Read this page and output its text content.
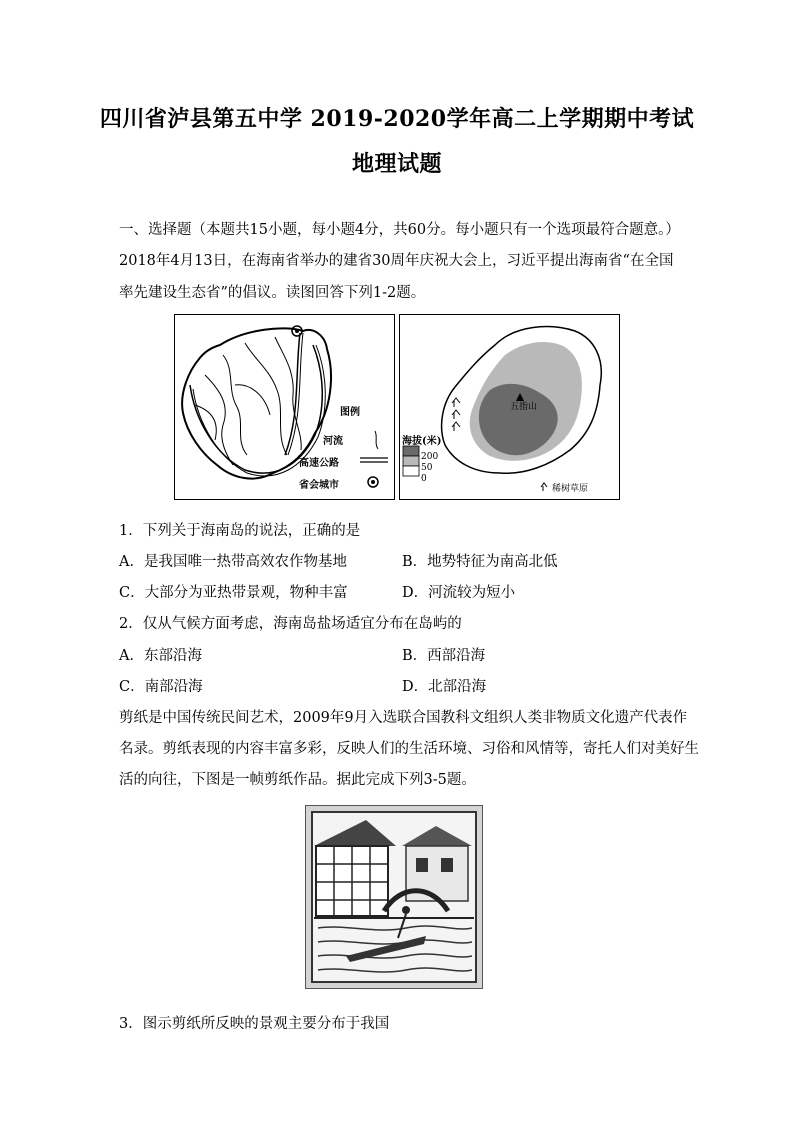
四川省泸县第五中学 2019-2020学年高二上学期期中考试
地理试题
一、选择题（本题共15小题，每小题4分，共60分。每小题只有一个选项最符合题意。）
2018年4月13日，在海南省举办的建省30周年庆祝大会上，习近平提出海南省“在全国
率先建设生态省”的倡议。读图回答下列1-2题。
图例
河流
高速公路
省会城市
五指山
海拔(米)
200
50
0
稀树草原
1．下列关于海南岛的说法，正确的是
A．是我国唯一热带高效农作物基地	B．地势特征为南高北低
C．大部分为亚热带景观，物种丰富	D．河流较为短小
2．仅从气候方面考虑，海南岛盐场适宜分布在岛屿的
A．东部沿海	B．西部沿海
C．南部沿海	D．北部沿海
剪纸是中国传统民间艺术，2009年9月入选联合国教科文组织人类非物质文化遗产代表作
名录。剪纸表现的内容丰富多彩，反映人们的生活环境、习俗和风情等，寄托人们对美好生
活的向往，下图是一帧剪纸作品。据此完成下列3-5题。
3．图示剪纸所反映的景观主要分布于我国
